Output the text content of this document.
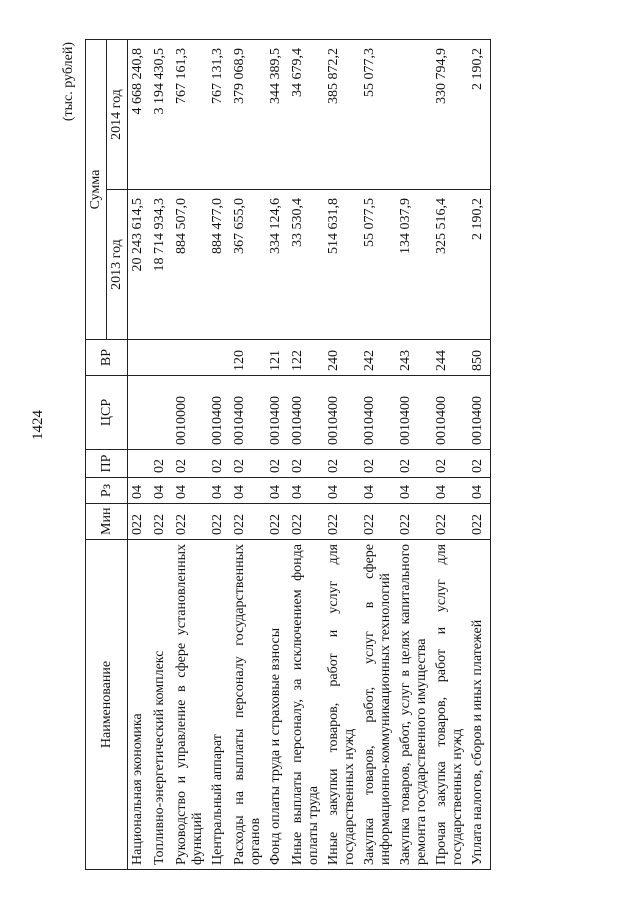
1424
(тыс. рублей)
Наименование	Мин	Рз	ПР	ЦСР	ВР	Сумма	
						2013 год	2014 год
Национальная экономика	022	04				20 243 614,5	4 668 240,8
Топливно-энергетический комплекс	022	04	02			18 714 934,3	3 194 430,5
Руководство и управление в сфере установленных функций	022	04	02	0010000		884 507,0	767 161,3
Центральный аппарат	022	04	02	0010400		884 477,0	767 131,3
Расходы на выплаты персоналу государственных органов	022	04	02	0010400	120	367 655,0	379 068,9
Фонд оплаты труда и страховые взносы	022	04	02	0010400	121	334 124,6	344 389,5
Иные выплаты персоналу, за исключением фонда оплаты труда	022	04	02	0010400	122	33 530,4	34 679,4
Иные закупки товаров, работ и услуг для государственных нужд	022	04	02	0010400	240	514 631,8	385 872,2
Закупка товаров, работ, услуг в сфере информационно-коммуникационных технологий	022	04	02	0010400	242	55 077,5	55 077,3
Закупка товаров, работ, услуг в целях капитального ремонта государственного имущества	022	04	02	0010400	243	134 037,9	
Прочая закупка товаров, работ и услуг для государственных нужд	022	04	02	0010400	244	325 516,4	330 794,9
Уплата налогов, сборов и иных платежей	022	04	02	0010400	850	2 190,2	2 190,2
